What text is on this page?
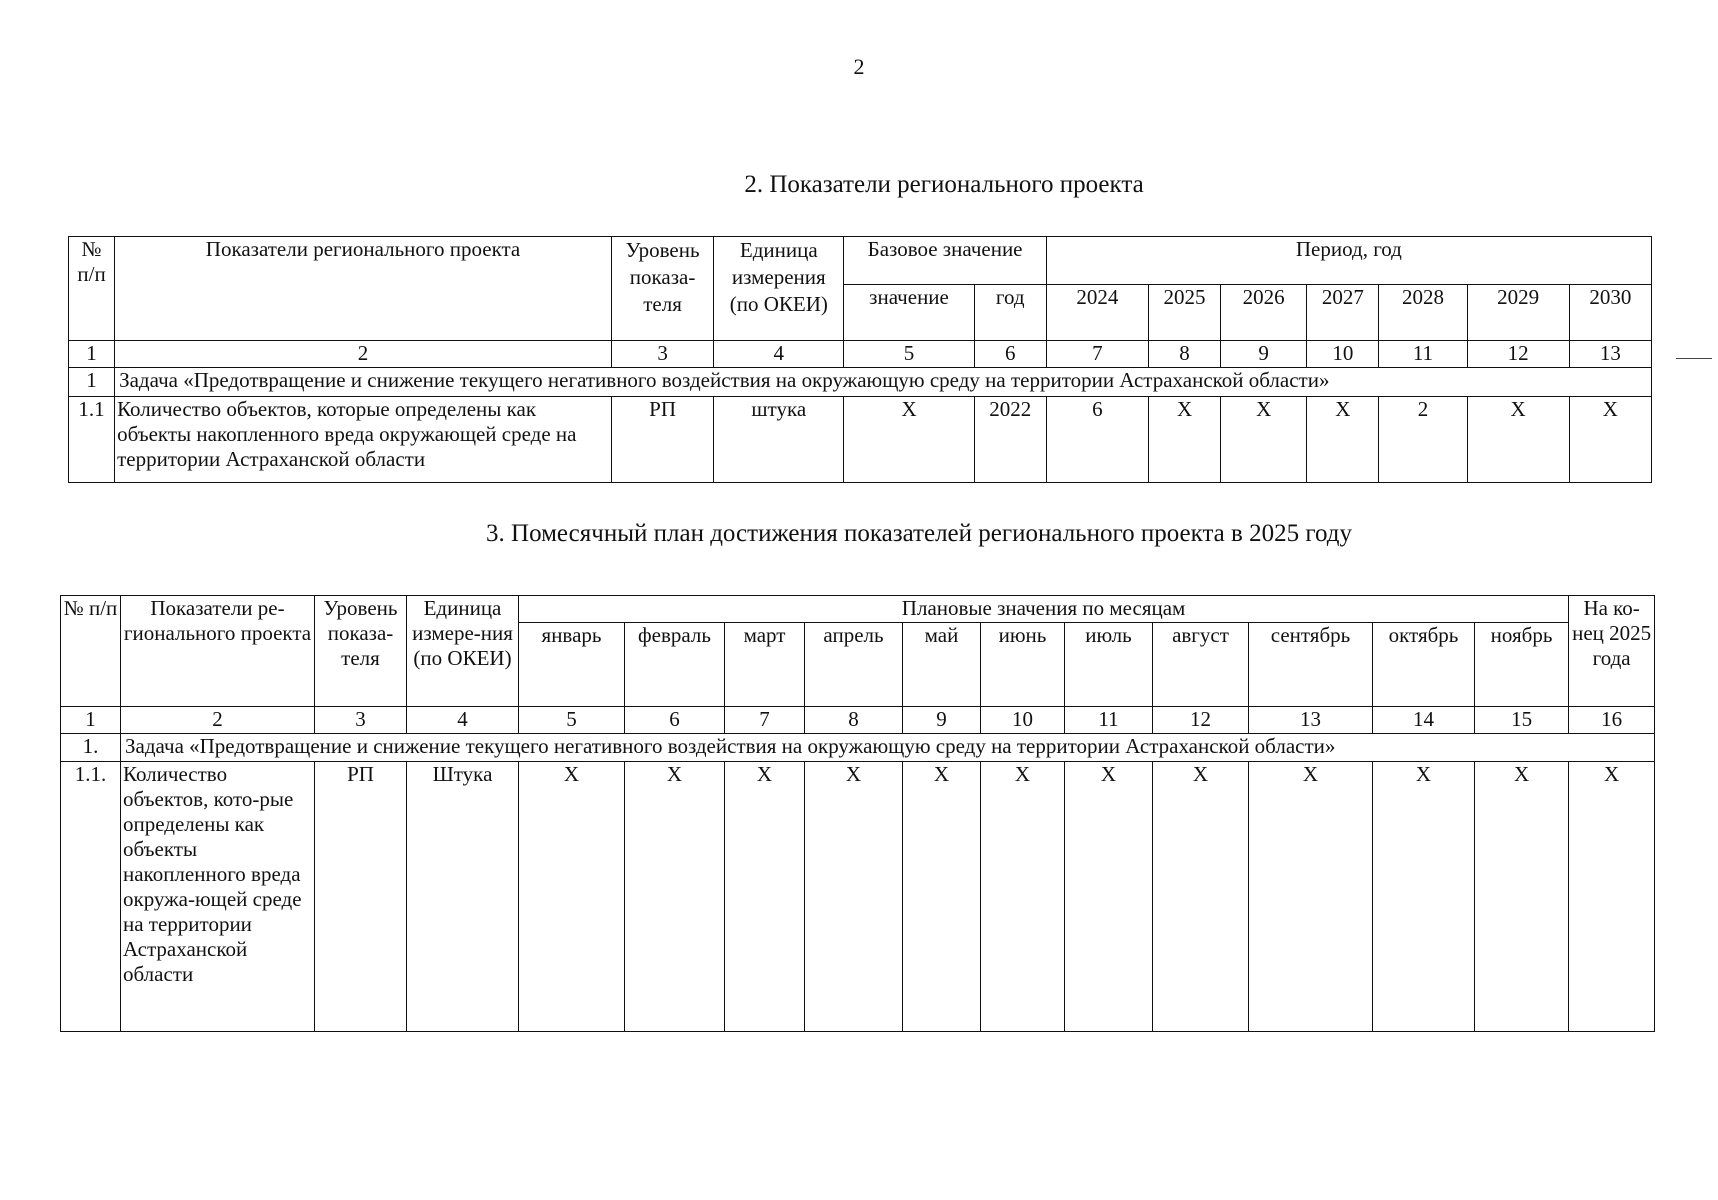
2
2. Показатели регионального проекта
№ п/п	Показатели регионального проекта	Уровень показа-теля	Единица измерения (по ОКЕИ)	Базовое значение		Период, год						
				значение	год	2024	2025	2026	2027	2028	2029	2030
1	2	3	4	5	6	7	8	9	10	11	12	13
1	Задача «Предотвращение и снижение текущего негативного воздействия на окружающую среду на территории Астраханской области»											
1.1	Количество объектов, которые определены как объекты накопленного вреда окружающей среде на территории Астраханской области	РП	штука	X	2022	6	X	X	X	2	X	X
3. Помесячный план достижения показателей регионального проекта в 2025 году
№ п/п	Показатели ре-гионального проекта	Уровень показа-теля	Единица измере-ния (по ОКЕИ)	Плановые значения по месяцам											На ко-нец 2025 года
				январь	февраль	март	апрель	май	июнь	июль	август	сентябрь	октябрь	ноябрь	
1	2	3	4	5	6	7	8	9	10	11	12	13	14	15	16
1.	Задача «Предотвращение и снижение текущего негативного воздействия на окружающую среду на территории Астраханской области»														
1.1.	Количество объектов, кото-рые определены как объекты накопленного вреда окружа-ющей среде на территории Астраханской области	РП	Штука	X	X	X	X	X	X	X	X	X	X	X	X
